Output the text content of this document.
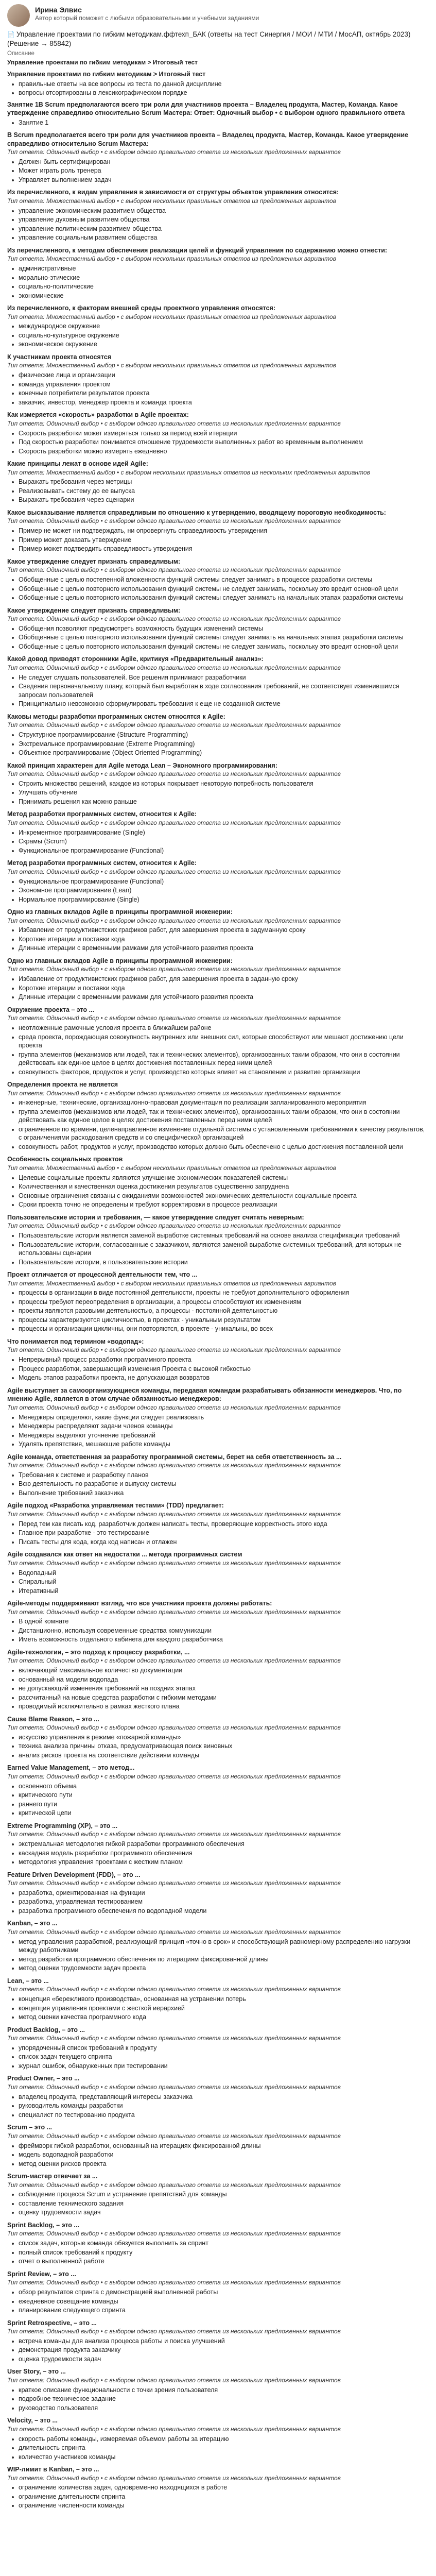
Ирина Элвис
Автор который поможет с любыми образовательными и учебными заданиями
📄 Управление проектами по гибким методикам.ффтехп_БАК (ответы на тест Синергия / МОИ / МТИ / МосАП, октябрь 2023) (Решение → 85842)
Описание
Управление проектами по гибким методикам > Итоговый тест
Управление проектами по гибким методикам > Итоговый тест
правильные ответы на все вопросы из теста по данной дисциплине
вопросы отсортированы в лексикографическом порядке
Занятие 1B Scrum предполагаются всего три роли для участников проекта – Владелец продукта, Мастер, Команда. Какое утверждение справедливо относительно Scrum Мастера: Ответ: Одночный выбор • с выбором одного правильного ответа
Занятие 1
В Scrum предполагается всего три роли для участников проекта – Владелец продукта, Мастер, Команда. Какое утверждение справедливо относительно Scrum Мастера:
Тип ответа: Одиночный выбор • с выбором одного правильного ответа из нескольких предложенных вариантов
Должен быть сертифицирован
Может играть роль тренера
Управляет выполнением задач
Из перечисленного, к видам управления в зависимости от структуры объектов управления относится:
Тип ответа: Множественный выбор • с выбором нескольких правильных ответов из предложенных вариантов
управление экономическим развитием общества
управление духовным развитием общества
управление политическим развитием общества
управление социальным развитием общества
Из перечисленного, к методам обеспечения реализации целей и функций управления по содержанию можно отнести:
Тип ответа: Множественный выбор • с выбором нескольких правильных ответов из предложенных вариантов
административные
морально-этические
социально-политические
экономические
Из перечисленного, к факторам внешней среды проектного управления относятся:
Тип ответа: Множественный выбор • с выбором нескольких правильных ответов из предложенных вариантов
международное окружение
социально-культурное окружение
экономическое окружение
К участникам проекта относятся
Тип ответа: Множественный выбор • с выбором нескольких правильных ответов из предложенных вариантов
физические лица и организации
команда управления проектом
конечные потребители результатов проекта
заказчик, инвестор, менеджер проекта и команда проекта
Как измеряется «скорость» разработки в Agile проектах:
Тип ответа: Одиночный выбор • с выбором одного правильного ответа из нескольких предложенных вариантов
Скорость разработки может измеряться только за период всей итерации
Под скоростью разработки понимается отношение трудоемкости выполненных работ во временным выполнением
Скорость разработки можно измерять ежедневно
Какие принципы лежат в основе идей Agile:
Тип ответа: Множественный выбор • с выбором нескольких правильных ответов из нескольких предложенных вариантов
Выражать требования через метрицы
Реализовывать систему до ее выпуска
Выражать требования через сценарии
Какое высказывание является справедливым по отношению к утверждению, вводящему пороговую необходимость:
Тип ответа: Одиночный выбор • с выбором одного правильного ответа из нескольких предложенных вариантов
Пример не может ни подтверждать, ни опровергнуть справедливость утверждения
Пример может доказать утверждение
Пример может подтвердить справедливость утверждения
Какое утверждение следует признать справедливым:
Тип ответа: Одиночный выбор • с выбором одного правильного ответа из нескольких предложенных вариантов
Обобщенные с целью постепенной вложенности функций системы следует занимать в процессе разработки системы
Обобщенные с целью повторного использования функций системы не следует занимать, поскольку это вредит основной цели
Обобщенные с целью повторного использования функций системы следует занимать на начальных этапах разработки системы
Какое утверждение следует признать справедливым:
Тип ответа: Одиночный выбор • с выбором одного правильного ответа из нескольких предложенных вариантов
Обобщения позволяют предусмотреть возможность будущих изменений системы
Обобщенные с целью повторного использования функций системы следует занимать на начальных этапах разработки системы
Обобщенные с целью повторного использования функций системы не следует занимать, поскольку это вредит основной цели
Какой довод приводят сторонники Agile, критикуя «Предварительный анализ»:
Тип ответа: Одиночный выбор • с выбором одного правильного ответа из нескольких предложенных вариантов
Не следует слушать пользователей. Все решения принимают разработчики
Сведения первоначальному плану, который был выработан в ходе согласования требований, не соответствует изменившимся запросам пользователей
Принципиально невозможно сформулировать требования к еще не созданной системе
Каковы методы разработки программных систем относятся к Agile:
Тип ответа: Одиночный выбор • с выбором одного правильного ответа из нескольких предложенных вариантов
Структурное программирование (Structure Programming)
Экстремальное программирование (Extreme Programming)
Объектное программирование (Object Oriented Programming)
Какой принцип характерен для Agile метода Lean – Экономного программирования:
Тип ответа: Одиночный выбор • с выбором одного правильного ответа из нескольких предложенных вариантов
Строить множество решений, каждое из которых покрывает некоторую потребность пользователя
Улучшать обучение
Принимать решения как можно раньше
Метод разработки программных систем, относится к Agile:
Тип ответа: Одиночный выбор • с выбором одного правильного ответа из нескольких предложенных вариантов
Инкрементное программирование (Single)
Скрамы (Scrum)
Функциональное программирование (Functional)
Метод разработки программных систем, относится к Agile:
Тип ответа: Одиночный выбор • с выбором одного правильного ответа из нескольких предложенных вариантов
Функциональное программирование (Functional)
Экономное программирование (Lean)
Нормальное программирование (Single)
Одно из главных вкладов Agile в принципы программной инженерии:
Тип ответа: Одиночный выбор • с выбором одного правильного ответа из нескольких предложенных вариантов
Избавление от продуктивистских графиков работ, для завершения проекта в задуманную сроку
Короткие итерации и поставки кода
Длинные итерации с временными рамками для устойчивого развития проекта
Одно из главных вкладов Agile в принципы программной инженерии:
Тип ответа: Одиночный выбор • с выбором одного правильного ответа из нескольких предложенных вариантов
Избавление от продуктивистских графиков работ, для завершения проекта в заданную сроку
Короткие итерации и поставки кода
Длинные итерации с временными рамками для устойчивого развития проекта
Окружение проекта – это ...
Тип ответа: Одиночный выбор • с выбором одного правильного ответа из нескольких предложенных вариантов
неотложенные рамочные условия проекта в ближайшем районе
среда проекта, порождающая совокупность внутренних или внешних сил, которые способствуют или мешают достижению цели проекта
группа элементов (механизмов или людей, так и технических элементов), организованных таким образом, что они в состоянии действовать как единое целое в целях достижения поставленных перед ними целей
совокупность факторов, продуктов и услуг, производство которых влияет на становление и развитие организации
Определения проекта не является
Тип ответа: Одиночный выбор • с выбором одного правильного ответа из нескольких предложенных вариантов
инженерные, технические, организационно-правовая документация по реализации запланированного мероприятия
группа элементов (механизмов или людей, так и технических элементов), организованных таким образом, что они в состоянии действовать как единое целое в целях достижения поставленных перед ними целей
ограниченное по времени, целенаправленное изменение отдельной системы с установленными требованиями к качеству результатов, с ограничениями расходования средств и со специфической организацией
совокупность работ, продуктов и услуг, производство которых должно быть обеспечено с целью достижения поставленной цели
Особенность социальных проектов
Тип ответа: Множественный выбор • с выбором нескольких правильных ответов из предложенных вариантов
Целевые социальные проекты являются улучшение экономических показателей системы
Количественная и качественная оценка достижения результатов существенно затруднена
Основные ограничения связаны с ожиданиями возможностей экономических деятельности социальные проекта
Сроки проекта точно не определены и требуют корректировки в процессе реализации
Пользовательские истории и требования, — какое утверждение следует считать неверным:
Тип ответа: Одиночный выбор • с выбором одного правильного ответа из нескольких предложенных вариантов
Пользовательские истории является заменой выработке системных требований на основе анализа спецификации требований
Пользовательские истории, согласованные с заказчиком, являются заменой выработке системных требований, для которых не использованы сценарии
Пользовательские истории, в пользовательские истории
Проект отличается от процессной деятельности тем, что ...
Тип ответа: Множественный выбор • с выбором нескольких правильных ответов из предложенных вариантов
процессы в организации в виде постоянной деятельности, проекты не требуют дополнительного оформления
процессы требуют переопределения в организации, а процессы способствуют их изменениям
проекты являются разовыми деятельностью, а процессы - постоянной деятельностью
процессы характеризуются цикличностью, в проектах - уникальным результатом
процессы и организации цикличны, они повторяются, в проекте - уникальны, во всех
Что понимается под термином «водопад»:
Тип ответа: Одиночный выбор • с выбором одного правильного ответа из нескольких предложенных вариантов
Непрерывный процесс разработки программного проекта
Процесс разработки, завершающий изменения Проекта с высокой гибкостью
Модель этапов разработки проекта, не допускающая возвратов
Agile выступает за самоорганизующиеся команды, передавая командам разрабатывать обязанности менеджеров. Что, по мнению Agile, является в этом случае обязанностью менеджеров:
Тип ответа: Одиночный выбор • с выбором одного правильного ответа из нескольких предложенных вариантов
Менеджеры определяют, какие функции следует реализовать
Менеджеры распределяют задачи членов команды
Менеджеры выделяют уточнение требований
Удалять препятствия, мешающие работе команды
Agile команда, ответственная за разработку программной системы, берет на себя ответственность за ...
Тип ответа: Одиночный выбор • с выбором одного правильного ответа из нескольких предложенных вариантов
Требования к системе и разработку планов
Всю деятельность по разработке и выпуску системы
Выполнение требований заказчика
Agile подход «Разработка управляемая тестами» (TDD) предлагает:
Тип ответа: Одиночный выбор • с выбором одного правильного ответа из нескольких предложенных вариантов
Перед тем как писать код, разработчик должен написать тесты, проверяющие корректность этого кода
Главное при разработке - это тестирование
Писать тесты для кода, когда код написан и отлажен
Agile создавался как ответ на недостатки ... метода программных систем
Тип ответа: Одиночный выбор • с выбором одного правильного ответа из нескольких предложенных вариантов
Водопадный
Спиральный
Итеративный
Agile-методы поддерживают взгляд, что все участники проекта должны работать:
Тип ответа: Одиночный выбор • с выбором одного правильного ответа из нескольких предложенных вариантов
В одной комнате
Дистанционно, используя современные средства коммуникации
Иметь возможность отдельного кабинета для каждого разработчика
Agile-технологии, – это подход к процессу разработки, ...
Тип ответа: Одиночный выбор • с выбором одного правильного ответа из нескольких предложенных вариантов
включающий максимальное количество документации
основанный на модели водопада
не допускающий изменения требований на поздних этапах
рассчитанный на новые средства разработки с гибкими методами
проводимый исключительно в рамках жесткого плана
Cause Blame Reason, – это ...
Тип ответа: Одиночный выбор • с выбором одного правильного ответа из нескольких предложенных вариантов
искусство управления в режиме «пожарной команды»
техника анализа причины отказа, предусматривающая поиск виновных
анализ рисков проекта на соответствие действиям команды
Earned Value Management, – это метод...
Тип ответа: Одиночный выбор • с выбором одного правильного ответа из нескольких предложенных вариантов
освоенного объема
критического пути
раннего пути
критической цепи
Extreme Programming (XP), – это ...
Тип ответа: Одиночный выбор • с выбором одного правильного ответа из нескольких предложенных вариантов
экстремальная методология гибкой разработки программного обеспечения
каскадная модель разработки программного обеспечения
методология управления проектами с жестким планом
Feature Driven Development (FDD), – это ...
Тип ответа: Одиночный выбор • с выбором одного правильного ответа из нескольких предложенных вариантов
разработка, ориентированная на функции
разработка, управляемая тестированием
разработка программного обеспечения по водопадной модели
Kanban, – это ...
Тип ответа: Одиночный выбор • с выбором одного правильного ответа из нескольких предложенных вариантов
метод управления разработкой, реализующий принцип «точно в срок» и способствующий равномерному распределению нагрузки между работниками
метод разработки программного обеспечения по итерациям фиксированной длины
метод оценки трудоемкости задач проекта
Lean, – это ...
Тип ответа: Одиночный выбор • с выбором одного правильного ответа из нескольких предложенных вариантов
концепция «бережливого производства», основанная на устранении потерь
концепция управления проектами с жесткой иерархией
метод оценки качества программного кода
Product Backlog, – это ...
Тип ответа: Одиночный выбор • с выбором одного правильного ответа из нескольких предложенных вариантов
упорядоченный список требований к продукту
список задач текущего спринта
журнал ошибок, обнаруженных при тестировании
Product Owner, – это ...
Тип ответа: Одиночный выбор • с выбором одного правильного ответа из нескольких предложенных вариантов
владелец продукта, представляющий интересы заказчика
руководитель команды разработки
специалист по тестированию продукта
Scrum – это ...
Тип ответа: Одиночный выбор • с выбором одного правильного ответа из нескольких предложенных вариантов
фреймворк гибкой разработки, основанный на итерациях фиксированной длины
модель водопадной разработки
метод оценки рисков проекта
Scrum-мастер отвечает за ...
Тип ответа: Одиночный выбор • с выбором одного правильного ответа из нескольких предложенных вариантов
соблюдение процесса Scrum и устранение препятствий для команды
составление технического задания
оценку трудоемкости задач
Sprint Backlog, – это ...
Тип ответа: Одиночный выбор • с выбором одного правильного ответа из нескольких предложенных вариантов
список задач, которые команда обязуется выполнить за спринт
полный список требований к продукту
отчет о выполненной работе
Sprint Review, – это ...
Тип ответа: Одиночный выбор • с выбором одного правильного ответа из нескольких предложенных вариантов
обзор результатов спринта с демонстрацией выполненной работы
ежедневное совещание команды
планирование следующего спринта
Sprint Retrospective, – это ...
Тип ответа: Одиночный выбор • с выбором одного правильного ответа из нескольких предложенных вариантов
встреча команды для анализа процесса работы и поиска улучшений
демонстрация продукта заказчику
оценка трудоемкости задач
User Story, – это ...
Тип ответа: Одиночный выбор • с выбором одного правильного ответа из нескольких предложенных вариантов
краткое описание функциональности с точки зрения пользователя
подробное техническое задание
руководство пользователя
Velocity, – это ...
Тип ответа: Одиночный выбор • с выбором одного правильного ответа из нескольких предложенных вариантов
скорость работы команды, измеряемая объемом работы за итерацию
длительность спринта
количество участников команды
WIP-лимит в Kanban, – это ...
Тип ответа: Одиночный выбор • с выбором одного правильного ответа из нескольких предложенных вариантов
ограничение количества задач, одновременно находящихся в работе
ограничение длительности спринта
ограничение численности команды
